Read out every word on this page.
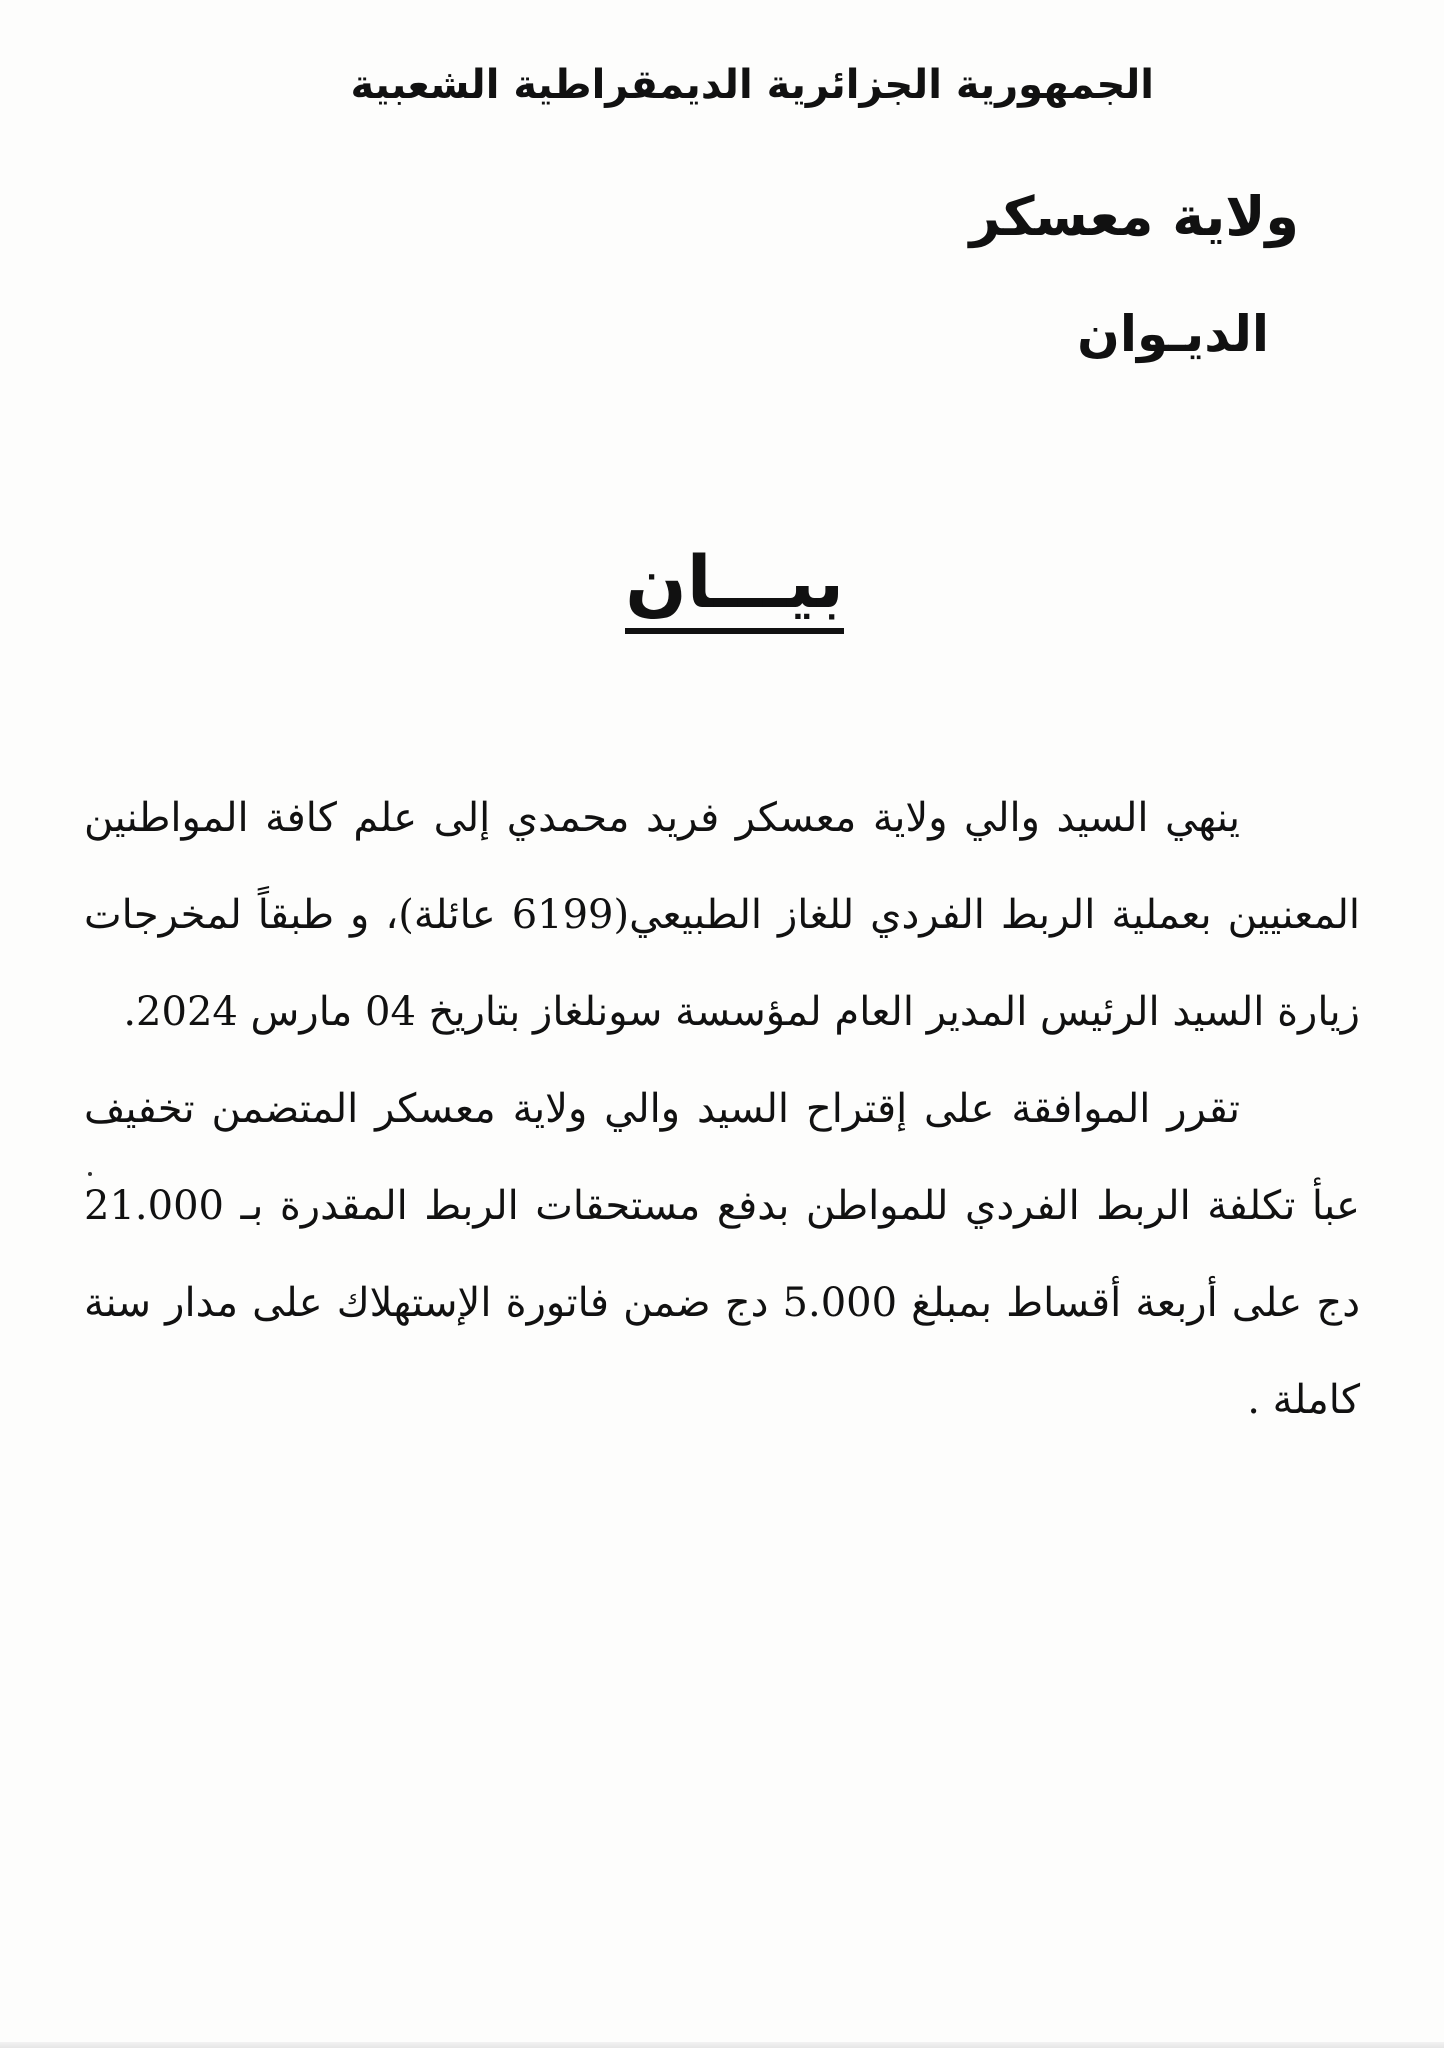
الجمهورية الجزائرية الديمقراطية الشعبية
ولاية معسكر
الديـوان
بيـــان

ينهي السيد والي ولاية معسكر فريد محمدي إلى علم كافة المواطنين المعنيين بعملية الربط الفردي للغاز الطبيعي(6199 عائلة)، و طبقاً لمخرجات زيارة السيد الرئيس المدير العام لمؤسسة سونلغاز بتاريخ 04 مارس 2024.

تقرر الموافقة على إقتراح السيد والي ولاية معسكر المتضمن تخفيف عبأ تكلفة الربط الفردي للمواطن بدفع مستحقات الربط المقدرة بـ 21.000 دج على أربعة أقساط بمبلغ 5.000 دج ضمن فاتورة الإستهلاك على مدار سنة كاملة .
